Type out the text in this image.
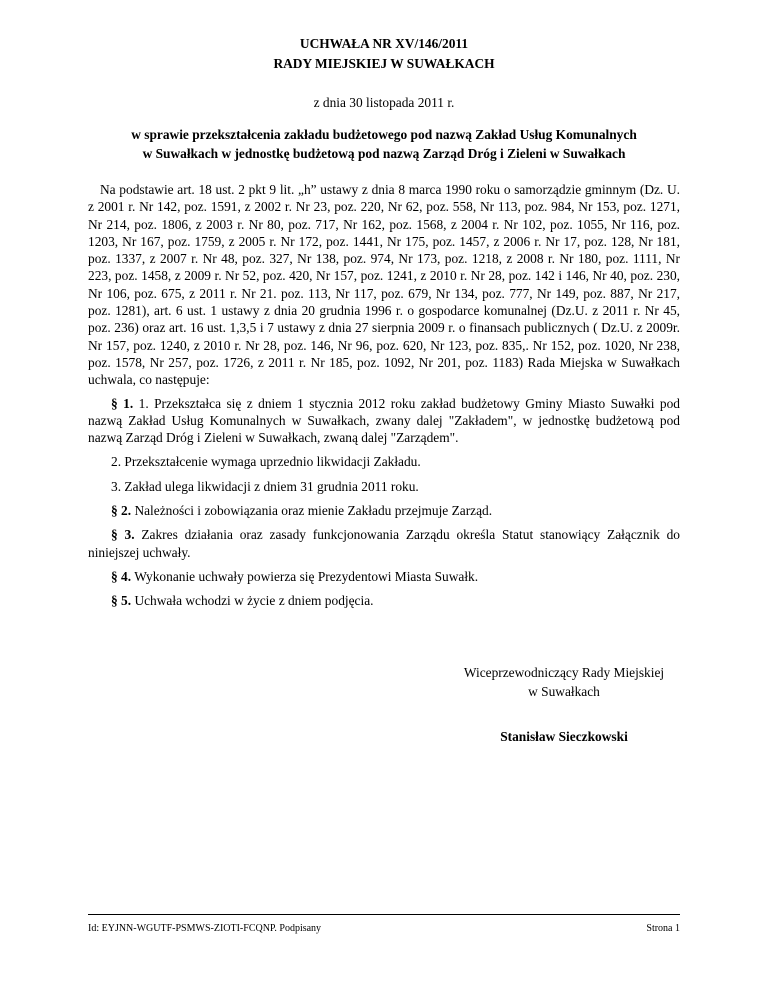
UCHWAŁA NR XV/146/2011
RADY MIEJSKIEJ W SUWAŁKACH
z dnia 30 listopada 2011 r.
w sprawie przekształcenia zakładu budżetowego pod nazwą Zakład Usług Komunalnych
w Suwałkach w jednostkę budżetową pod nazwą Zarząd Dróg i Zieleni w Suwałkach

Na podstawie art. 18 ust. 2 pkt 9 lit. „h” ustawy z dnia 8 marca 1990 roku o samorządzie gminnym (Dz. U. z 2001 r. Nr 142, poz. 1591, z 2002 r. Nr 23, poz. 220, Nr 62, poz. 558, Nr 113, poz. 984, Nr 153, poz. 1271, Nr 214, poz. 1806, z 2003 r. Nr 80, poz. 717, Nr 162, poz. 1568, z 2004 r. Nr 102, poz. 1055, Nr 116, poz. 1203, Nr 167, poz. 1759, z 2005 r. Nr 172, poz. 1441, Nr 175, poz. 1457, z 2006 r. Nr 17, poz. 128, Nr 181, poz. 1337, z 2007 r. Nr 48, poz. 327, Nr 138, poz. 974, Nr 173, poz. 1218, z 2008 r. Nr 180, poz. 1111, Nr 223, poz. 1458, z 2009 r. Nr 52, poz. 420, Nr 157, poz. 1241, z 2010 r. Nr 28, poz. 142 i 146, Nr 40, poz. 230, Nr 106, poz. 675, z 2011 r. Nr 21. poz. 113, Nr 117, poz. 679, Nr 134, poz. 777, Nr 149, poz. 887, Nr 217, poz. 1281), art. 6 ust. 1 ustawy z dnia 20 grudnia 1996 r. o gospodarce komunalnej (Dz.U. z 2011 r. Nr 45, poz. 236) oraz art. 16 ust. 1,3,5 i 7 ustawy z dnia 27 sierpnia 2009 r. o finansach publicznych ( Dz.U. z 2009r. Nr 157, poz. 1240, z 2010 r. Nr 28, poz. 146, Nr 96, poz. 620, Nr 123, poz. 835,. Nr 152, poz. 1020, Nr 238, poz. 1578, Nr 257, poz. 1726, z 2011 r. Nr 185, poz. 1092, Nr 201, poz. 1183) Rada Miejska w Suwałkach uchwala, co następuje:

§ 1. 1. Przekształca się z dniem 1 stycznia 2012 roku zakład budżetowy Gminy Miasto Suwałki pod nazwą Zakład Usług Komunalnych w Suwałkach, zwany dalej "Zakładem", w jednostkę budżetową pod nazwą Zarząd Dróg i Zieleni w Suwałkach, zwaną dalej "Zarządem".

2. Przekształcenie wymaga uprzednio likwidacji Zakładu.

3. Zakład ulega likwidacji z dniem 31 grudnia 2011 roku.

§ 2. Należności i zobowiązania oraz mienie Zakładu przejmuje Zarząd.

§ 3. Zakres działania oraz zasady funkcjonowania Zarządu określa Statut stanowiący Załącznik do niniejszej uchwały.

§ 4. Wykonanie uchwały powierza się Prezydentowi Miasta Suwałk.

§ 5. Uchwała wchodzi w życie z dniem podjęcia.

Wiceprzewodniczący Rady Miejskiej
w Suwałkach
Stanisław Sieczkowski
Id: EYJNN-WGUTF-PSMWS-ZIOTI-FCQNP. Podpisany	Strona 1
